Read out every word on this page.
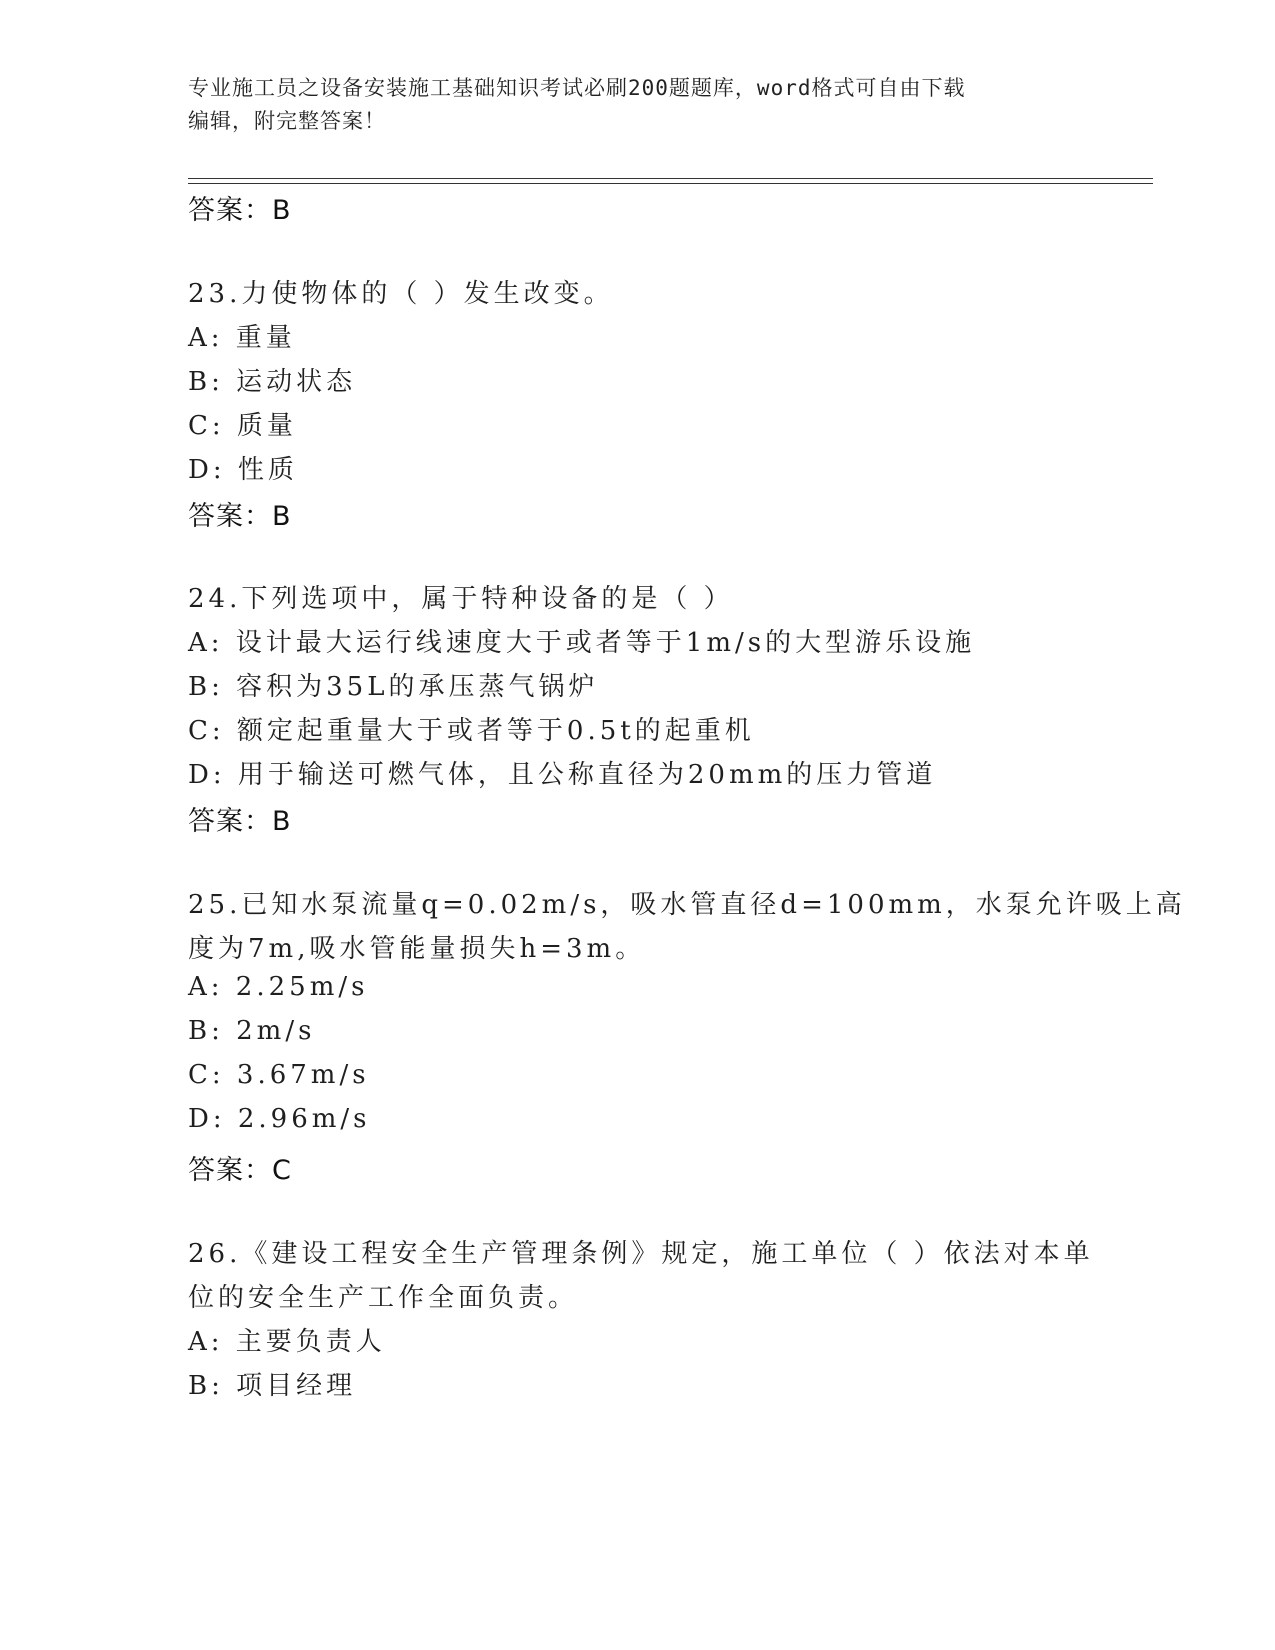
专业施工员之设备安装施工基础知识考试必刷200题题库，word格式可自由下载
编辑，附完整答案！
答案：B
23.力使物体的（ ）发生改变。
A: 重量
B: 运动状态
C: 质量
D: 性质
答案：B
24.下列选项中，属于特种设备的是（ ）
A: 设计最大运行线速度大于或者等于1m/s的大型游乐设施
B: 容积为35L的承压蒸气锅炉
C: 额定起重量大于或者等于0.5t的起重机
D: 用于输送可燃气体，且公称直径为20mm的压力管道
答案：B
25.已知水泵流量q=0.02m/s，吸水管直径d=100mm，水泵允许吸上高
度为7m,吸水管能量损失h=3m。
A: 2.25m/s
B: 2m/s
C: 3.67m/s
D: 2.96m/s
答案：C
26.《建设工程安全生产管理条例》规定，施工单位（ ）依法对本单
位的安全生产工作全面负责。
A: 主要负责人
B: 项目经理
